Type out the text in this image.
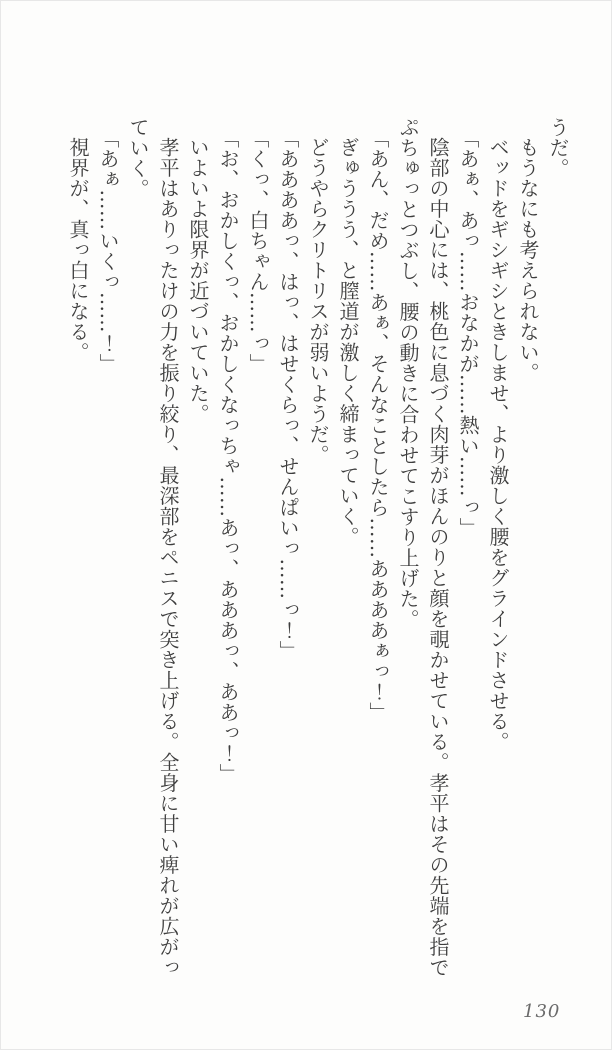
うだ。

もうなにも考えられない。

ベッドをギシギシときしませ、より激しく腰をグラインドさせる。

「あぁ、あっ……おなかが……熱い……っ」

陰部の中心には、桃色に息づく肉芽がほんのりと顔を覗かせている。孝平はその先端を指でぷちゅっとつぶし、腰の動きに合わせてこすり上げた。

「あん、だめ……あぁ、そんなことしたら……ああああぁっ！」

ぎゅううう、と膣道が激しく締まっていく。

どうやらクリトリスが弱いようだ。

「ああああっ、はっ、はせくらっ、せんぱいっ……っ！」

「くっ、白ちゃん……っ」

「お、おかしくっ、おかしくなっちゃ……あっ、あああっ、ああっ！」

いよいよ限界が近づいていた。

孝平はありったけの力を振り絞り、最深部をペニスで突き上げる。全身に甘い痺れが広がっていく。

「あぁ……いくっ……！」

視界が、真っ白になる。

130
